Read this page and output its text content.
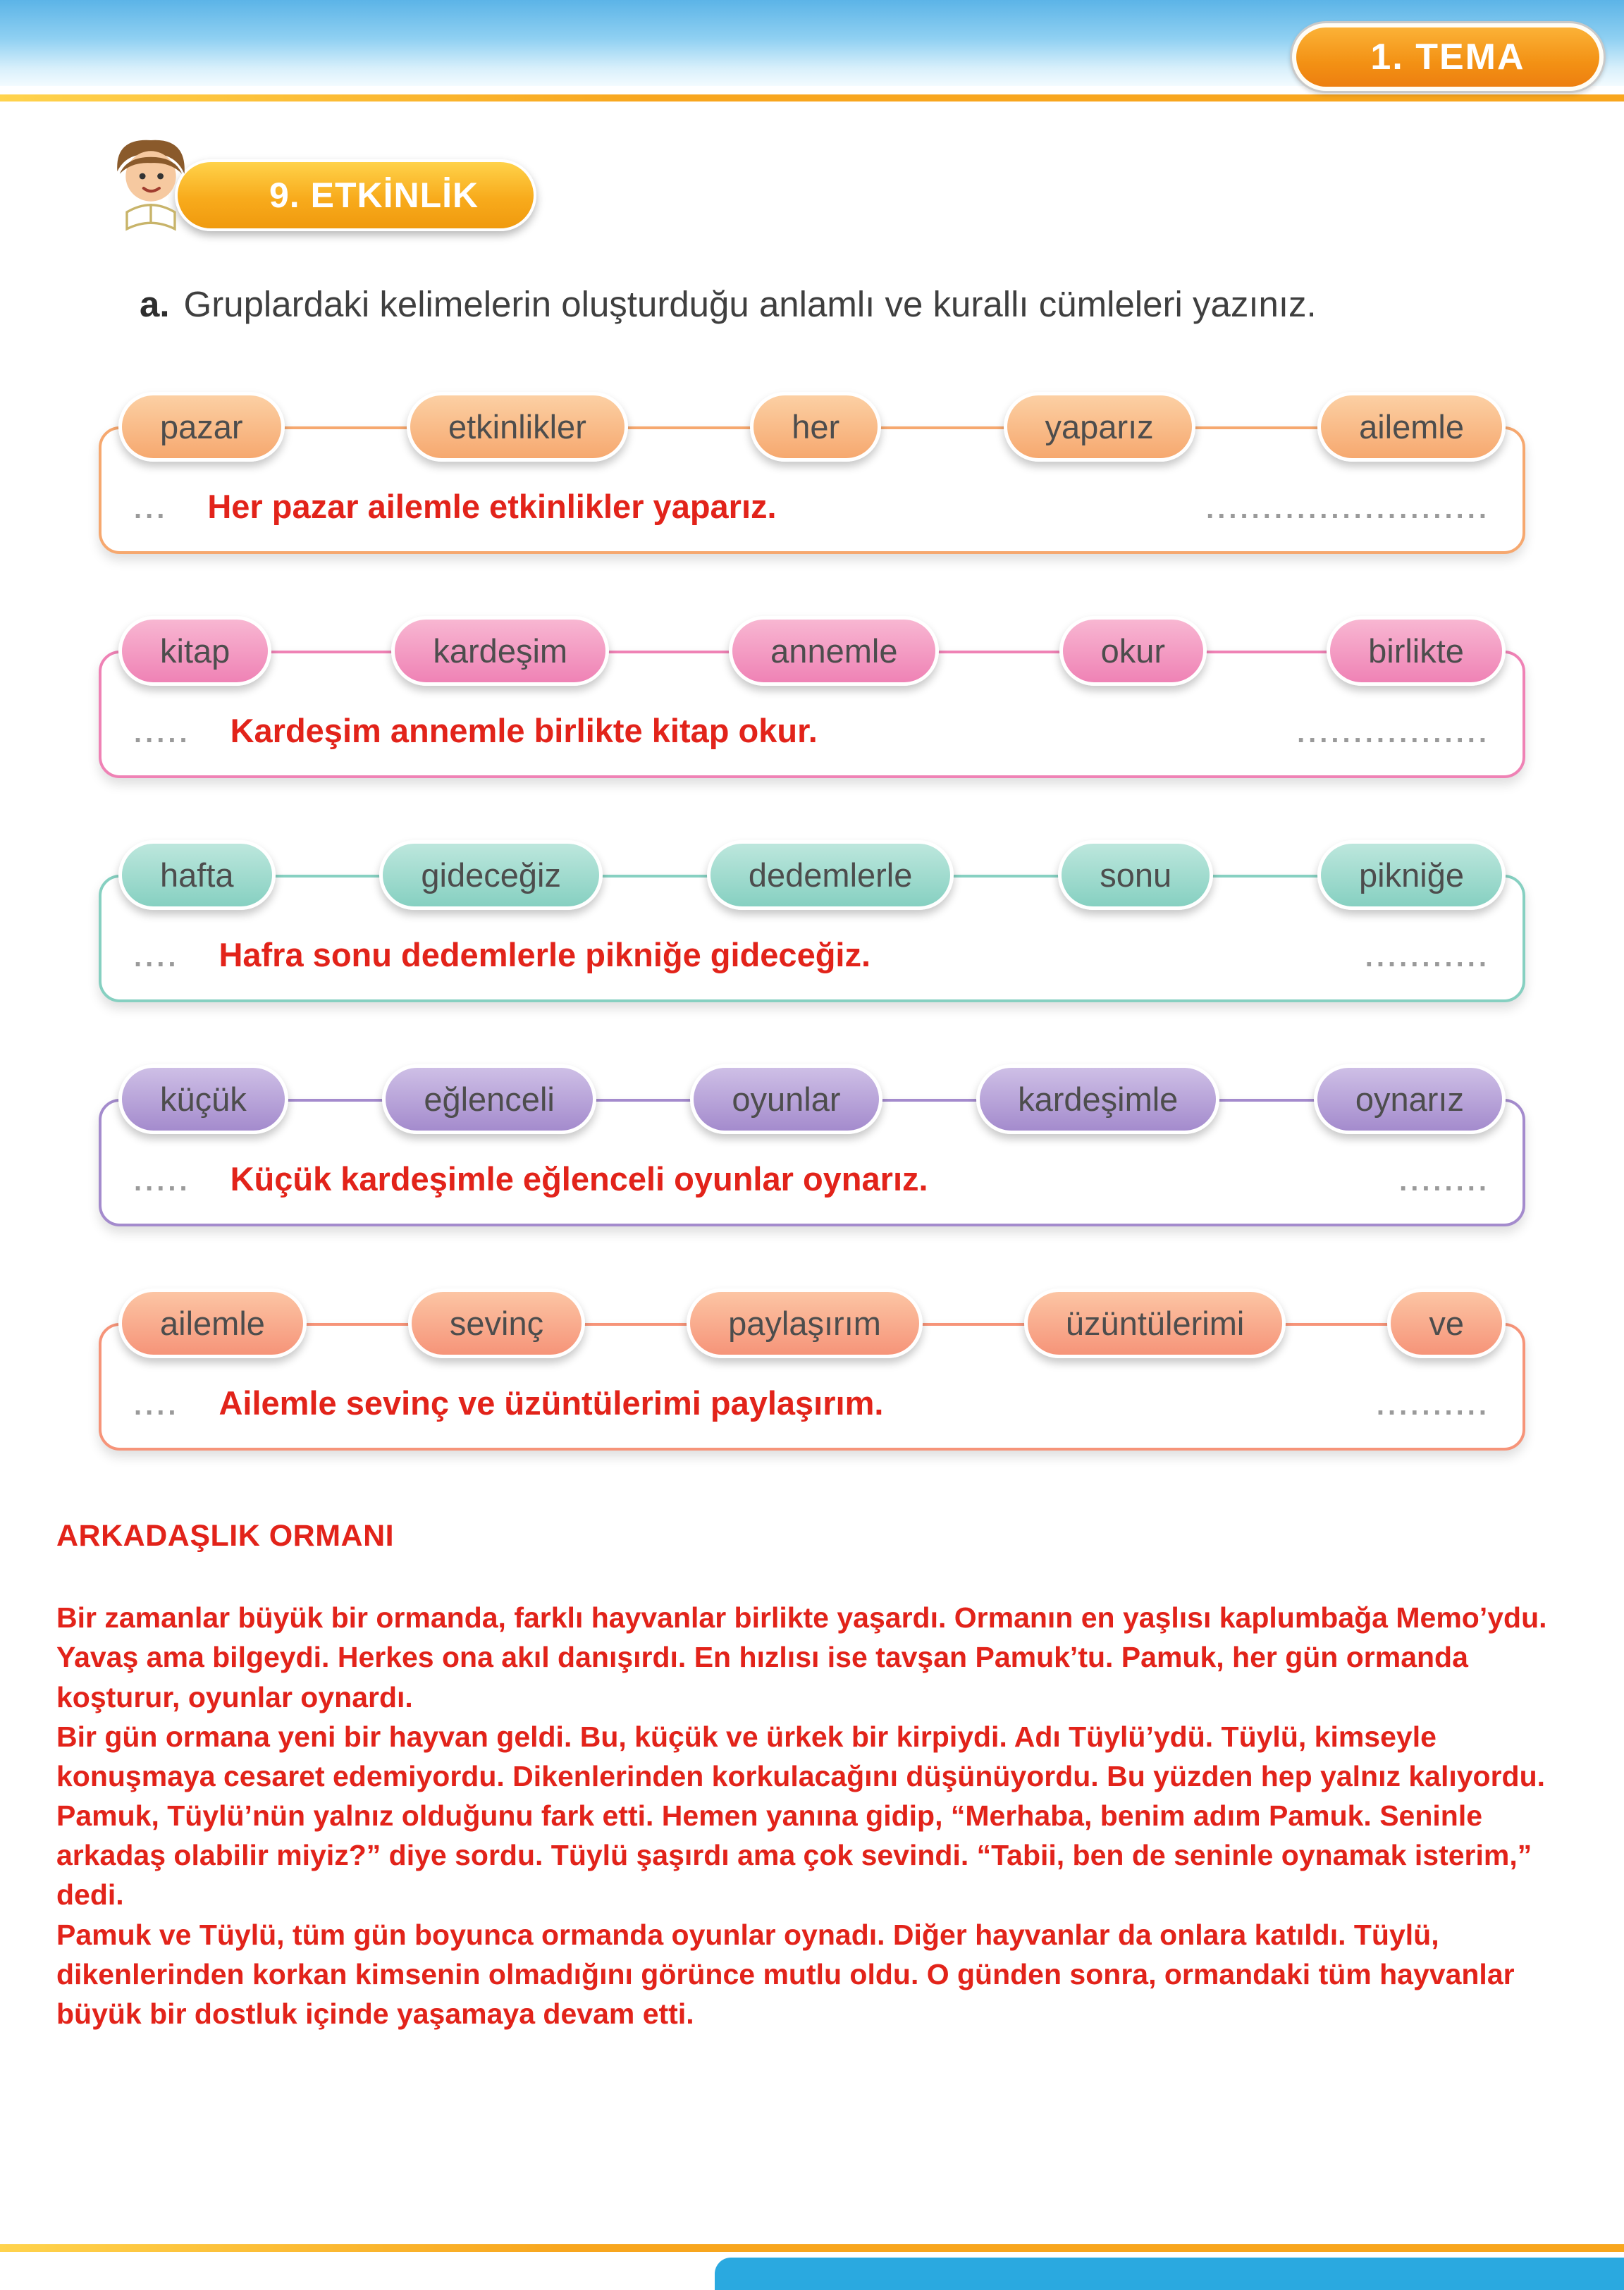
1. TEMA
9. ETKİNLİK

a. Gruplardaki kelimelerin oluşturduğu anlamlı ve kurallı cümleleri yazınız.

pazar	etkinlikler	her	yaparız	ailemle
... Her pazar ailemle etkinlikler yaparız.	.........................
kitap	kardeşim	annemle	okur	birlikte
..... Kardeşim annemle birlikte kitap okur.	.................
hafta	gideceğiz	dedemlerle	sonu	pikniğe
.... Hafra sonu dedemlerle pikniğe gideceğiz.	...........
küçük	eğlenceli	oyunlar	kardeşimle	oynarız
..... Küçük kardeşimle eğlenceli oyunlar oynarız.	........
ailemle	sevinç	paylaşırım	üzüntülerimi	ve
.... Ailemle sevinç ve üzüntülerimi paylaşırım.	..........
ARKADAŞLIK ORMANI

Bir zamanlar büyük bir ormanda, farklı hayvanlar birlikte yaşardı. Ormanın en yaşlısı kaplumbağa Memo’ydu. Yavaş ama bilgeydi. Herkes ona akıl danışırdı. En hızlısı ise tavşan Pamuk’tu. Pamuk, her gün ormanda koşturur, oyunlar oynardı.

Bir gün ormana yeni bir hayvan geldi. Bu, küçük ve ürkek bir kirpiydi. Adı Tüylü’ydü. Tüylü, kimseyle konuşmaya cesaret edemiyordu. Dikenlerinden korkulacağını düşünüyordu. Bu yüzden hep yalnız kalıyordu.

Pamuk, Tüylü’nün yalnız olduğunu fark etti. Hemen yanına gidip, “Merhaba, benim adım Pamuk. Seninle arkadaş olabilir miyiz?” diye sordu. Tüylü şaşırdı ama çok sevindi. “Tabii, ben de seninle oynamak isterim,” dedi.

Pamuk ve Tüylü, tüm gün boyunca ormanda oyunlar oynadı. Diğer hayvanlar da onlara katıldı. Tüylü, dikenlerinden korkan kimsenin olmadığını görünce mutlu oldu. O günden sonra, ormandaki tüm hayvanlar büyük bir dostluk içinde yaşamaya devam etti.
